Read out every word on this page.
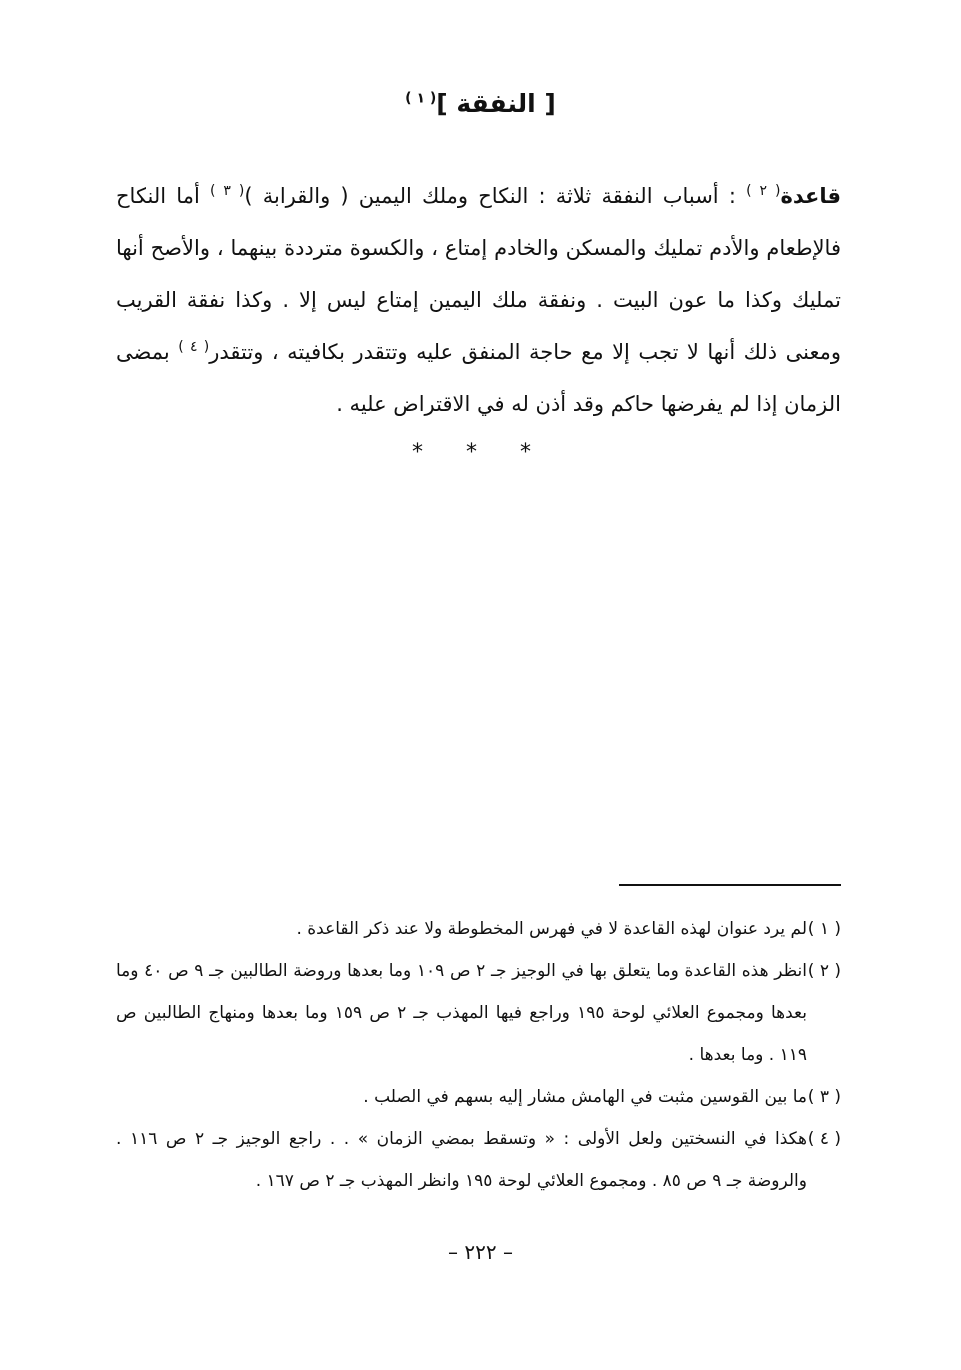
[ النفقة ]$^{( ١ )}$

قاعدة$^{( ٢ )}$ : أسباب النفقة ثلاثة : النكاح وملك اليمين ( والقرابة )$^{( ٣ )}$ أما النكاح فالإطعام والأدم تمليك والمسكن والخادم إمتاع ، والكسوة مترددة بينهما ، والأصح أنها تمليك وكذا ما عون البيت . ونفقة ملك اليمين إمتاع ليس إلا . وكذا نفقة القريب ومعنى ذلك أنها لا تجب إلا مع حاجة المنفق عليه وتتقدر بكافيته ، وتتقدر$^{( ٤ )}$ بمضى الزمان إذا لم يفرضها حاكم وقد أذن له في الاقتراض عليه .

* * *

( ١ )
لم يرد عنوان لهذه القاعدة لا في فهرس المخطوطة ولا عند ذكر القاعدة .

( ٢ )
انظر هذه القاعدة وما يتعلق بها في الوجيز جـ ٢ ص ١٠٩ وما بعدها وروضة الطالبين جـ ٩ ص ٤٠ وما بعدها ومجموع العلائي لوحة ١٩٥ وراجع فيها المهذب جـ ٢ ص ١٥٩ وما بعدها ومنهاج الطالبين ص ١١٩ . وما بعدها .

( ٣ )
ما بين القوسين مثبت في الهامش مشار إليه بسهم في الصلب .

( ٤ )
هكذا في النسختين ولعل الأولى : « وتسقط بمضي الزمان » . . راجع الوجيز جـ ٢ ص ١١٦ . والروضة جـ ٩ ص ٨٥ . ومجموع العلائي لوحة ١٩٥ وانظر المهذب جـ ٢ ص ١٦٧ .

– ٢٢٢ –
